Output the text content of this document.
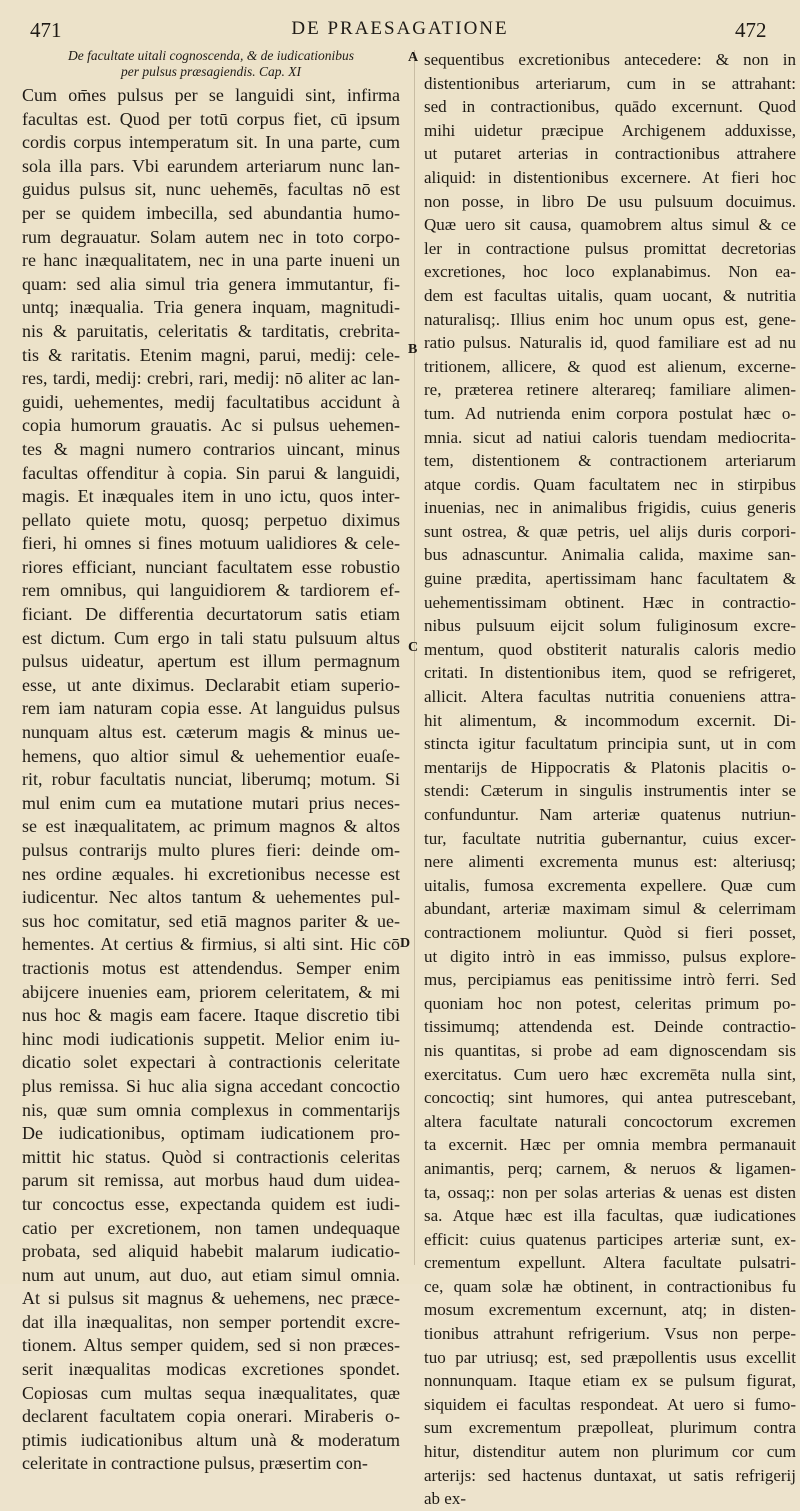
471	DE PRAESAGATIONE	472
A
B
C
D
De facultate uitali cognoscenda, & de iudicationibus
per pulsus præsagiendis. Cap. XI
Cum om̄es pulsus per se languidi sint, infirma
facultas est. Quod per totū corpus fiet, cū ipsum
cordis corpus intemperatum sit. In una parte, cum
sola illa pars. Vbi earundem arteriarum nunc lan-
guidus pulsus sit, nunc uehemēs, facultas nō est
per se quidem imbecilla, sed abundantia humo-
rum degrauatur. Solam autem nec in toto corpo-
re hanc inæqualitatem, nec in una parte inueni un
quam: sed alia simul tria genera immutantur, fi-
untq; inæqualia. Tria genera inquam, magnitudi-
nis & paruitatis, celeritatis & tarditatis, crebrita-
tis & raritatis. Etenim magni, parui, medij: cele-
res, tardi, medij: crebri, rari, medij: nō aliter ac lan-
guidi, uehementes, medij facultatibus accidunt à
copia humorum grauatis. Ac si pulsus uehemen-
tes & magni numero contrarios uincant, minus
facultas offenditur à copia. Sin parui & languidi,
magis. Et inæquales item in uno ictu, quos inter-
pellato quiete motu, quosq; perpetuo diximus
fieri, hi omnes si fines motuum ualidiores & cele-
riores efficiant, nunciant facultatem esse robustio
rem omnibus, qui languidiorem & tardiorem ef-
ficiant. De differentia decurtatorum satis etiam
est dictum. Cum ergo in tali statu pulsuum altus
pulsus uideatur, apertum est illum permagnum
esse, ut ante diximus. Declarabit etiam superio-
rem iam naturam copia esse. At languidus pulsus
nunquam altus est. cæterum magis & minus ue-
hemens, quo altior simul & uehementior euaſe-
rit, robur facultatis nunciat, liberumq; motum. Si
mul enim cum ea mutatione mutari prius neces-
se est inæqualitatem, ac primum magnos & altos
pulsus contrarijs multo plures fieri: deinde om-
nes ordine æquales. hi excretionibus necesse est
iudicentur. Nec altos tantum & uehementes pul-
sus hoc comitatur, sed etiā magnos pariter & ue-
hementes. At certius & firmius, si alti sint. Hic cō
tractionis motus est attendendus. Semper enim
abijcere inuenies eam, priorem celeritatem, & mi
nus hoc & magis eam facere. Itaque discretio tibi
hinc modi iudicationis suppetit. Melior enim iu-
dicatio solet expectari à contractionis celeritate
plus remissa. Si huc alia signa accedant concoctio
nis, quæ sum omnia complexus in commentarijs
De iudicationibus, optimam iudicationem pro-
mittit hic status. Quòd si contractionis celeritas
parum sit remissa, aut morbus haud dum uidea-
tur concoctus esse, expectanda quidem est iudi-
catio per excretionem, non tamen undequaque
probata, sed aliquid habebit malarum iudicatio-
num aut unum, aut duo, aut etiam simul omnia.
At si pulsus sit magnus & uehemens, nec præce-
dat illa inæqualitas, non semper portendit excre-
tionem. Altus semper quidem, sed si non præces-
serit inæqualitas modicas excretiones spondet.
Copiosas cum multas sequa inæqualitates, quæ
declarent facultatem copia onerari. Miraberis o-
ptimis iudicationibus altum unà & moderatum
celeritate in contractione pulsus, præsertim con-
sequentibus excretionibus antecedere: & non in
distentionibus arteriarum, cum in se attrahant:
sed in contractionibus, quādo excernunt. Quod
mihi uidetur præcipue Archigenem adduxisse,
ut putaret arterias in contractionibus attrahere
aliquid: in distentionibus excernere. At fieri hoc
non posse, in libro De usu pulsuum docuimus.
Quæ uero sit causa, quamobrem altus simul & ce
ler in contractione pulsus promittat decretorias
excretiones, hoc loco explanabimus. Non ea-
dem est facultas uitalis, quam uocant, & nutritia
naturalisq;. Illius enim hoc unum opus est, gene-
ratio pulsus. Naturalis id, quod familiare est ad nu
tritionem, allicere, & quod est alienum, excerne-
re, præterea retinere alterareq; familiare alimen-
tum. Ad nutrienda enim corpora postulat hæc o-
mnia. sicut ad natiui caloris tuendam mediocrita-
tem, distentionem & contractionem arteriarum
atque cordis. Quam facultatem nec in stirpibus
inuenias, nec in animalibus frigidis, cuius generis
sunt ostrea, & quæ petris, uel alijs duris corpori-
bus adnascuntur. Animalia calida, maxime san-
guine prædita, apertissimam hanc facultatem &
uehementissimam obtinent. Hæc in contractio-
nibus pulsuum eijcit solum fuliginosum excre-
mentum, quod obstiterit naturalis caloris medio
critati. In distentionibus item, quod se refrigeret,
allicit. Altera facultas nutritia conueniens attra-
hit alimentum, & incommodum excernit. Di-
stincta igitur facultatum principia sunt, ut in com
mentarijs de Hippocratis & Platonis placitis o-
stendi: Cæterum in singulis instrumentis inter se
confunduntur. Nam arteriæ quatenus nutriun-
tur, facultate nutritia gubernantur, cuius excer-
nere alimenti excrementa munus est: alteriusq;
uitalis, fumosa excrementa expellere. Quæ cum
abundant, arteriæ maximam simul & celerrimam
contractionem moliuntur. Quòd si fieri posset,
ut digito intrò in eas immisso, pulsus explore-
mus, percipiamus eas penitissime intrò ferri. Sed
quoniam hoc non potest, celeritas primum po-
tissimumq; attendenda est. Deinde contractio-
nis quantitas, si probe ad eam dignoscendam sis
exercitatus. Cum uero hæc excremēta nulla sint,
concoctiq; sint humores, qui antea putrescebant,
altera facultate naturali concoctorum excremen
ta excernit. Hæc per omnia membra permanauit
animantis, perq; carnem, & neruos & ligamen-
ta, ossaq;: non per solas arterias & uenas est disten
sa. Atque hæc est illa facultas, quæ iudicationes
efficit: cuius quatenus participes arteriæ sunt, ex-
crementum expellunt. Altera facultate pulsatri-
ce, quam solæ hæ obtinent, in contractionibus fu
mosum excrementum excernunt, atq; in disten-
tionibus attrahunt refrigerium. Vsus non perpe-
tuo par utriusq; est, sed præpollentis usus excellit
nonnunquam. Itaque etiam ex se pulsum figurat,
siquidem ei facultas respondeat. At uero si fumo-
sum excrementum præpolleat, plurimum contra
hitur, distenditur autem non plurimum cor cum
arterijs: sed hactenus duntaxat, ut satis refrigerij
ab ex-
